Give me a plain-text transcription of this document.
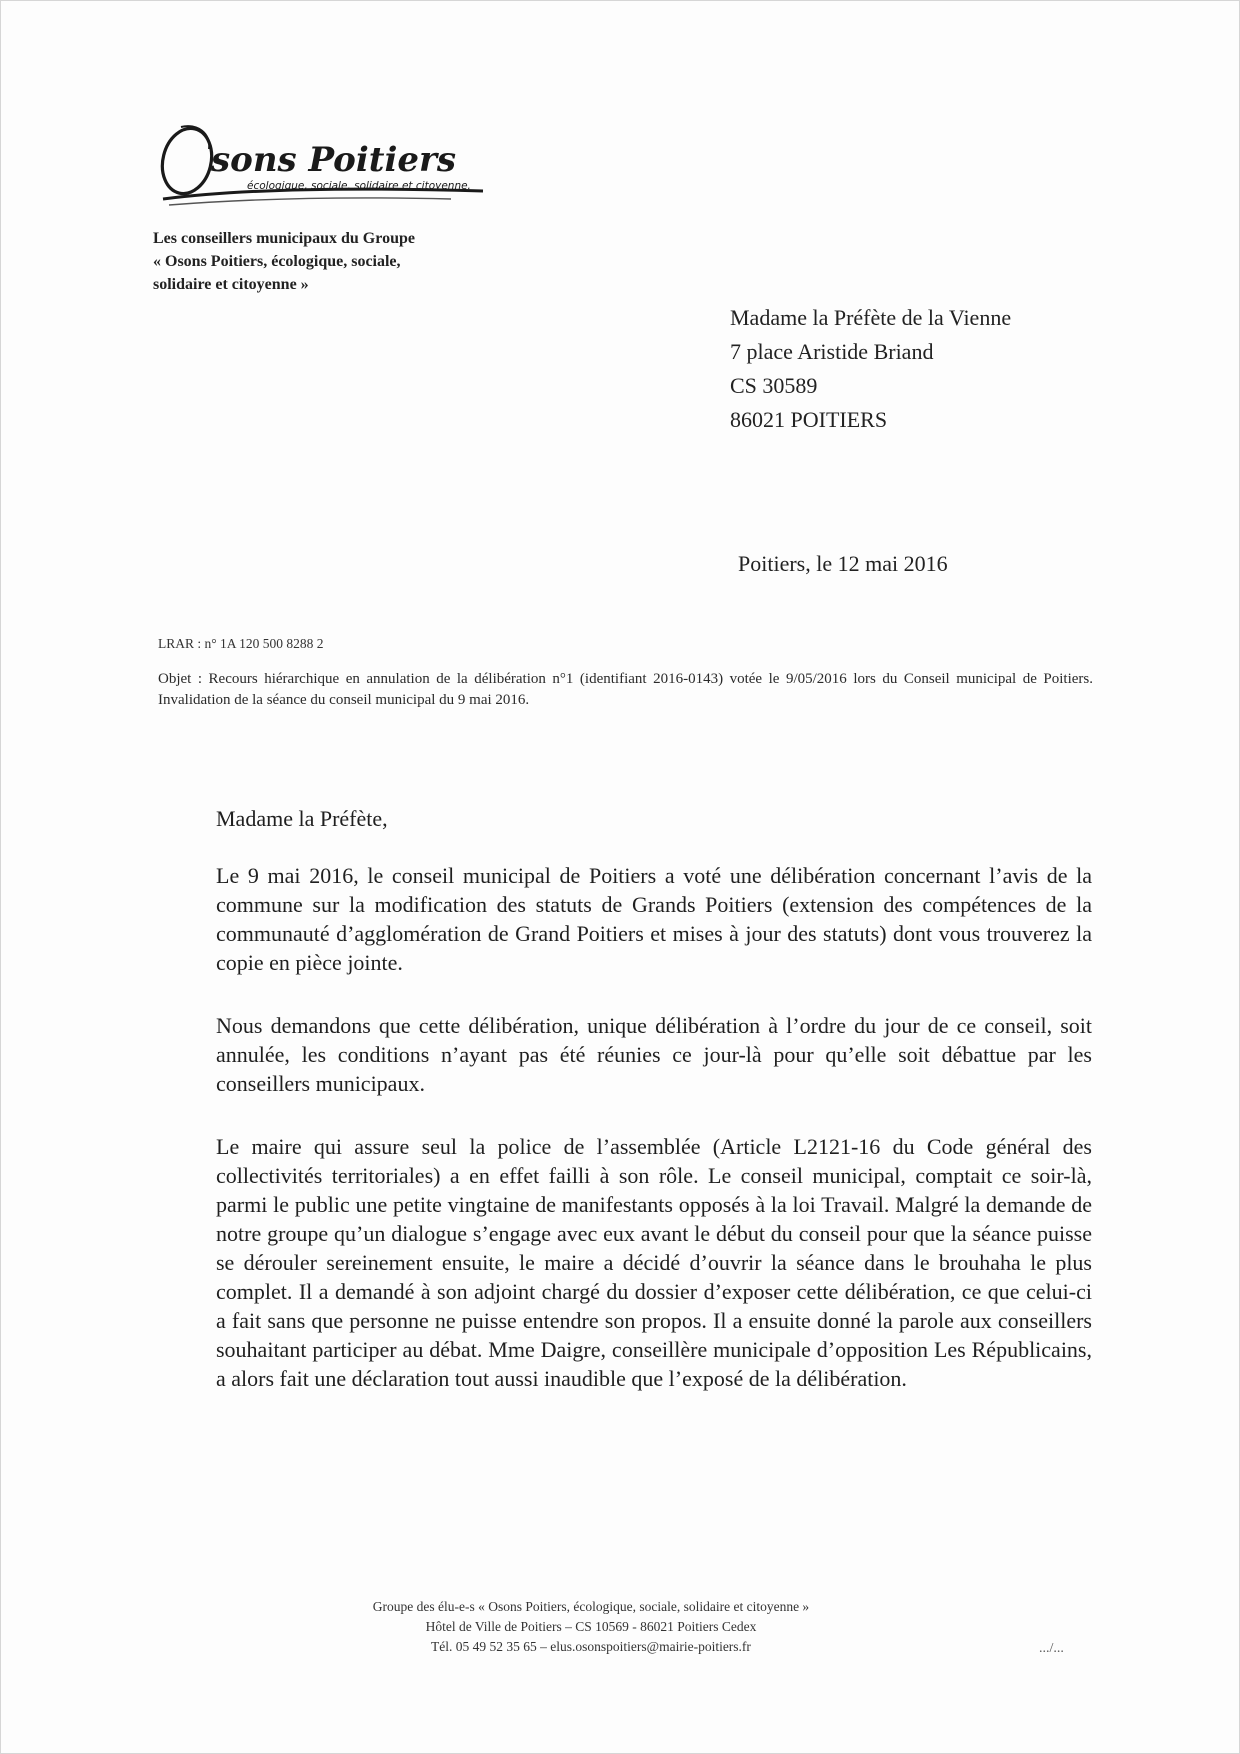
sons Poitiers
écologique, sociale, solidaire et citoyenne.
Les conseillers municipaux du Groupe
« Osons Poitiers, écologique, sociale,
solidaire et citoyenne »
Madame la Préfète de la Vienne
7 place Aristide Briand
CS 30589
86021 POITIERS
Poitiers, le 12 mai 2016
LRAR : n° 1A 120 500 8288 2
Objet : Recours hiérarchique en annulation de la délibération n°1 (identifiant 2016-0143) votée le 9/05/2016 lors du Conseil municipal de Poitiers. Invalidation de la séance du conseil municipal du 9 mai 2016.
Madame la Préfète,

Le 9 mai 2016, le conseil municipal de Poitiers a voté une délibération concernant l’avis de la commune sur la modification des statuts de Grands Poitiers (extension des compétences de la communauté d’agglomération de Grand Poitiers et mises à jour des statuts) dont vous trouverez la copie en pièce jointe.

Nous demandons que cette délibération, unique délibération à l’ordre du jour de ce conseil, soit annulée, les conditions n’ayant pas été réunies ce jour-là pour qu’elle soit débattue par les conseillers municipaux.

Le maire qui assure seul la police de l’assemblée (Article L2121-16 du Code général des collectivités territoriales) a en effet failli à son rôle. Le conseil municipal, comptait ce soir-là, parmi le public une petite vingtaine de manifestants opposés à la loi Travail. Malgré la demande de notre groupe qu’un dialogue s’engage avec eux avant le début du conseil pour que la séance puisse se dérouler sereinement ensuite, le maire a décidé d’ouvrir la séance dans le brouhaha le plus complet. Il a demandé à son adjoint chargé du dossier d’exposer cette délibération, ce que celui-ci a fait sans que personne ne puisse entendre son propos. Il a ensuite donné la parole aux conseillers souhaitant participer au débat. Mme Daigre, conseillère municipale d’opposition Les Républicains, a alors fait une déclaration tout aussi inaudible que l’exposé de la délibération.

Groupe des élu-e-s « Osons Poitiers, écologique, sociale, solidaire et citoyenne »
Hôtel de Ville de Poitiers – CS 10569 - 86021 Poitiers Cedex
Tél. 05 49 52 35 65 – elus.osonspoitiers@mairie-poitiers.fr	.../...
